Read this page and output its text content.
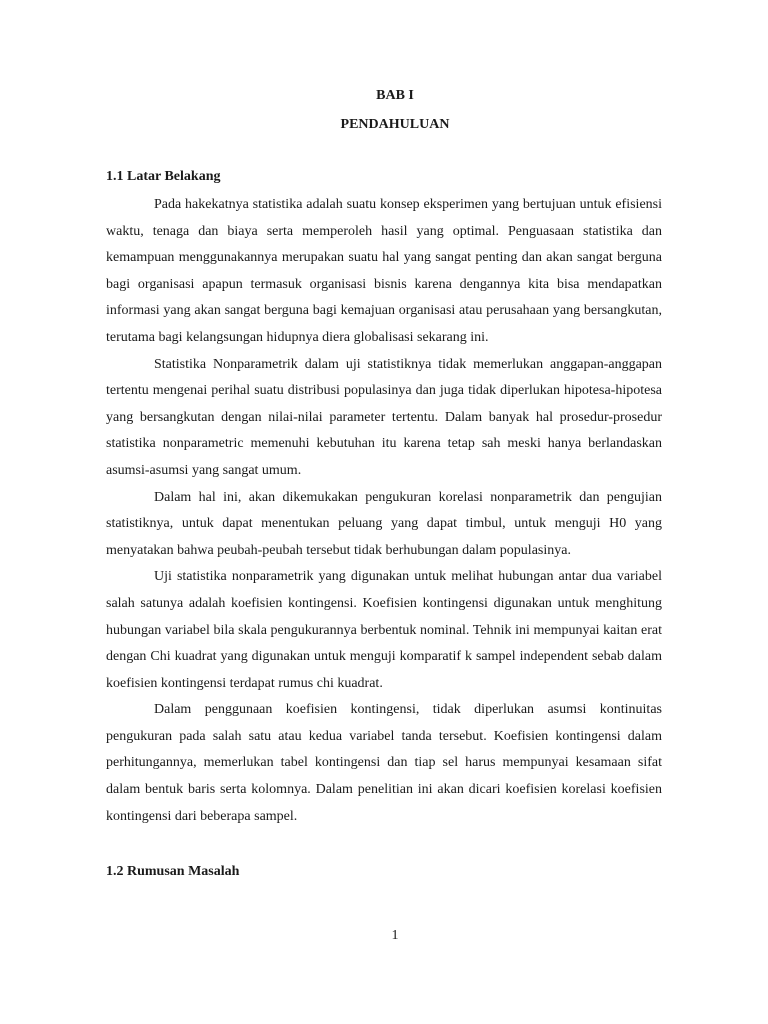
BAB I
PENDAHULUAN
1.1 Latar Belakang

Pada hakekatnya statistika adalah suatu konsep eksperimen yang bertujuan untuk efisiensi waktu, tenaga dan biaya serta memperoleh hasil yang optimal. Penguasaan statistika dan kemampuan menggunakannya merupakan suatu hal yang sangat penting dan akan sangat berguna bagi organisasi apapun termasuk organisasi bisnis karena dengannya kita bisa mendapatkan informasi yang akan sangat berguna bagi kemajuan organisasi atau perusahaan yang bersangkutan, terutama bagi kelangsungan hidupnya diera globalisasi sekarang ini.

Statistika Nonparametrik dalam uji statistiknya tidak memerlukan anggapan-anggapan tertentu mengenai perihal suatu distribusi populasinya dan juga tidak diperlukan hipotesa-hipotesa yang bersangkutan dengan nilai-nilai parameter tertentu. Dalam banyak hal prosedur-prosedur statistika nonparametric memenuhi kebutuhan itu karena tetap sah meski hanya berlandaskan asumsi-asumsi yang sangat umum.

Dalam hal ini, akan dikemukakan pengukuran korelasi nonparametrik dan pengujian statistiknya, untuk dapat menentukan peluang yang dapat timbul, untuk menguji H0 yang menyatakan bahwa peubah-peubah tersebut tidak berhubungan dalam populasinya.

Uji statistika nonparametrik yang digunakan untuk melihat hubungan antar dua variabel salah satunya adalah koefisien kontingensi. Koefisien kontingensi digunakan untuk menghitung hubungan variabel bila skala pengukurannya berbentuk nominal. Tehnik ini mempunyai kaitan erat dengan Chi kuadrat yang digunakan untuk menguji komparatif k sampel independent sebab dalam koefisien kontingensi terdapat rumus chi kuadrat.

Dalam penggunaan koefisien kontingensi, tidak diperlukan asumsi kontinuitas pengukuran pada salah satu atau kedua variabel tanda tersebut. Koefisien kontingensi dalam perhitungannya, memerlukan tabel kontingensi dan tiap sel harus mempunyai kesamaan sifat dalam bentuk baris serta kolomnya. Dalam penelitian ini akan dicari koefisien korelasi koefisien kontingensi dari beberapa sampel.

1.2 Rumusan Masalah
1
